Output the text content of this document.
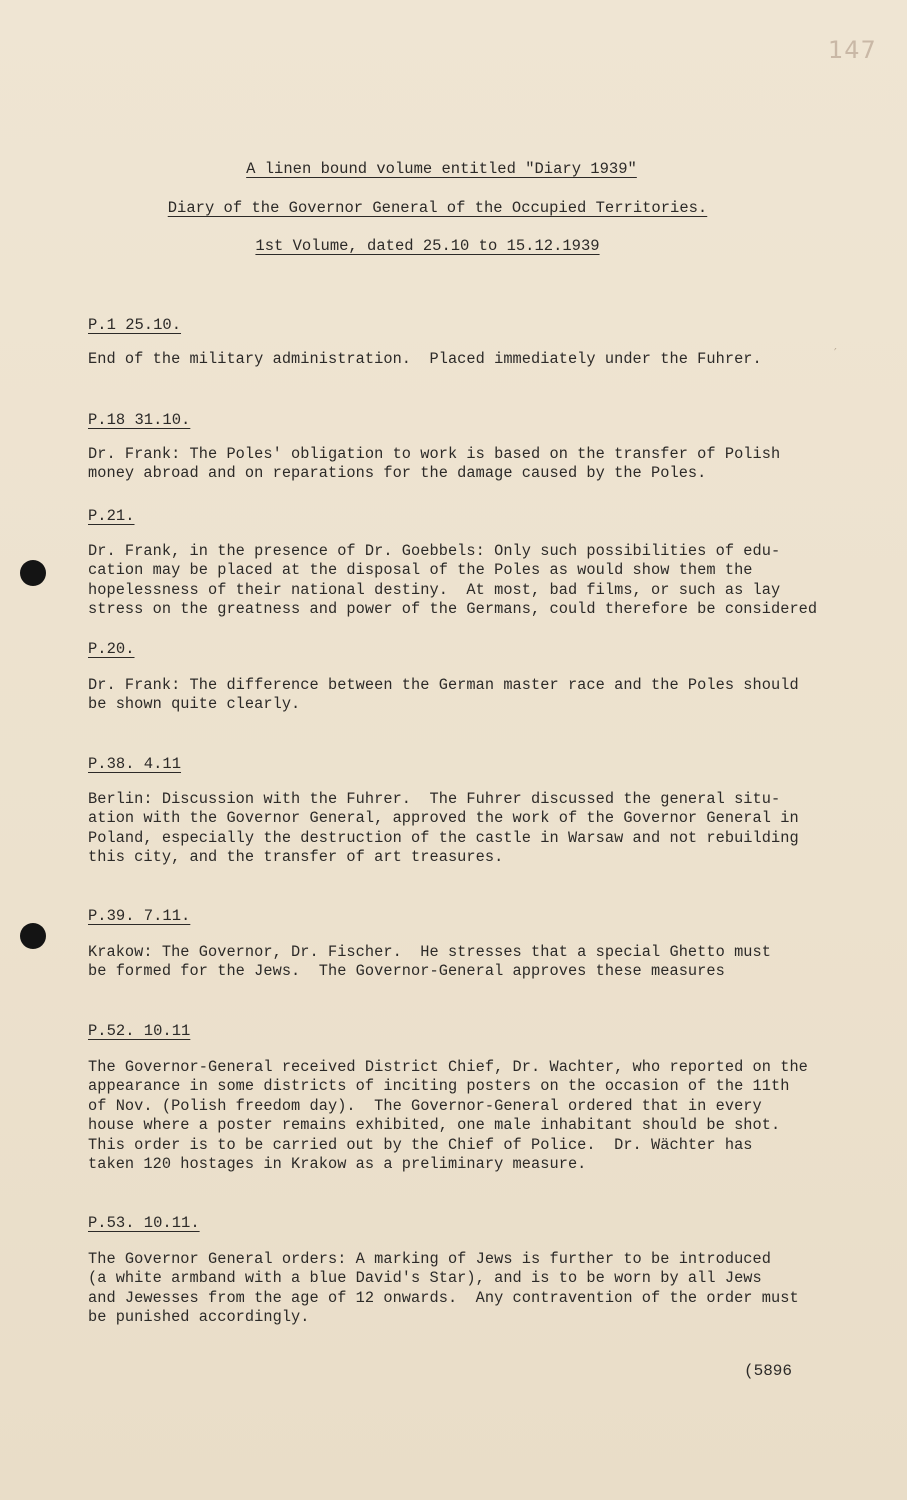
147
A linen bound volume entitled "Diary 1939"
Diary of the Governor General of the Occupied Territories.
1st Volume, dated 25.10 to 15.12.1939
P.1 25.10.
End of the military administration.  Placed immediately under the Fuhrer.
P.18 31.10.
Dr. Frank: The Poles' obligation to work is based on the transfer of Polish
money abroad and on reparations for the damage caused by the Poles.
P.21.
Dr. Frank, in the presence of Dr. Goebbels: Only such possibilities of edu-
cation may be placed at the disposal of the Poles as would show them the
hopelessness of their national destiny.  At most, bad films, or such as lay
stress on the greatness and power of the Germans, could therefore be considered
P.20.
Dr. Frank: The difference between the German master race and the Poles should
be shown quite clearly.
P.38. 4.11
Berlin: Discussion with the Fuhrer.  The Fuhrer discussed the general situ-
ation with the Governor General, approved the work of the Governor General in
Poland, especially the destruction of the castle in Warsaw and not rebuilding
this city, and the transfer of art treasures.
P.39. 7.11.
Krakow: The Governor, Dr. Fischer.  He stresses that a special Ghetto must
be formed for the Jews.  The Governor-General approves these measures
P.52. 10.11
The Governor-General received District Chief, Dr. Wachter, who reported on the
appearance in some districts of inciting posters on the occasion of the 11th
of Nov. (Polish freedom day).  The Governor-General ordered that in every
house where a poster remains exhibited, one male inhabitant should be shot.
This order is to be carried out by the Chief of Police.  Dr. Wächter has
taken 120 hostages in Krakow as a preliminary measure.
P.53. 10.11.
The Governor General orders: A marking of Jews is further to be introduced
(a white armband with a blue David's Star), and is to be worn by all Jews
and Jewesses from the age of 12 onwards.  Any contravention of the order must
be punished accordingly.
(5896
′
